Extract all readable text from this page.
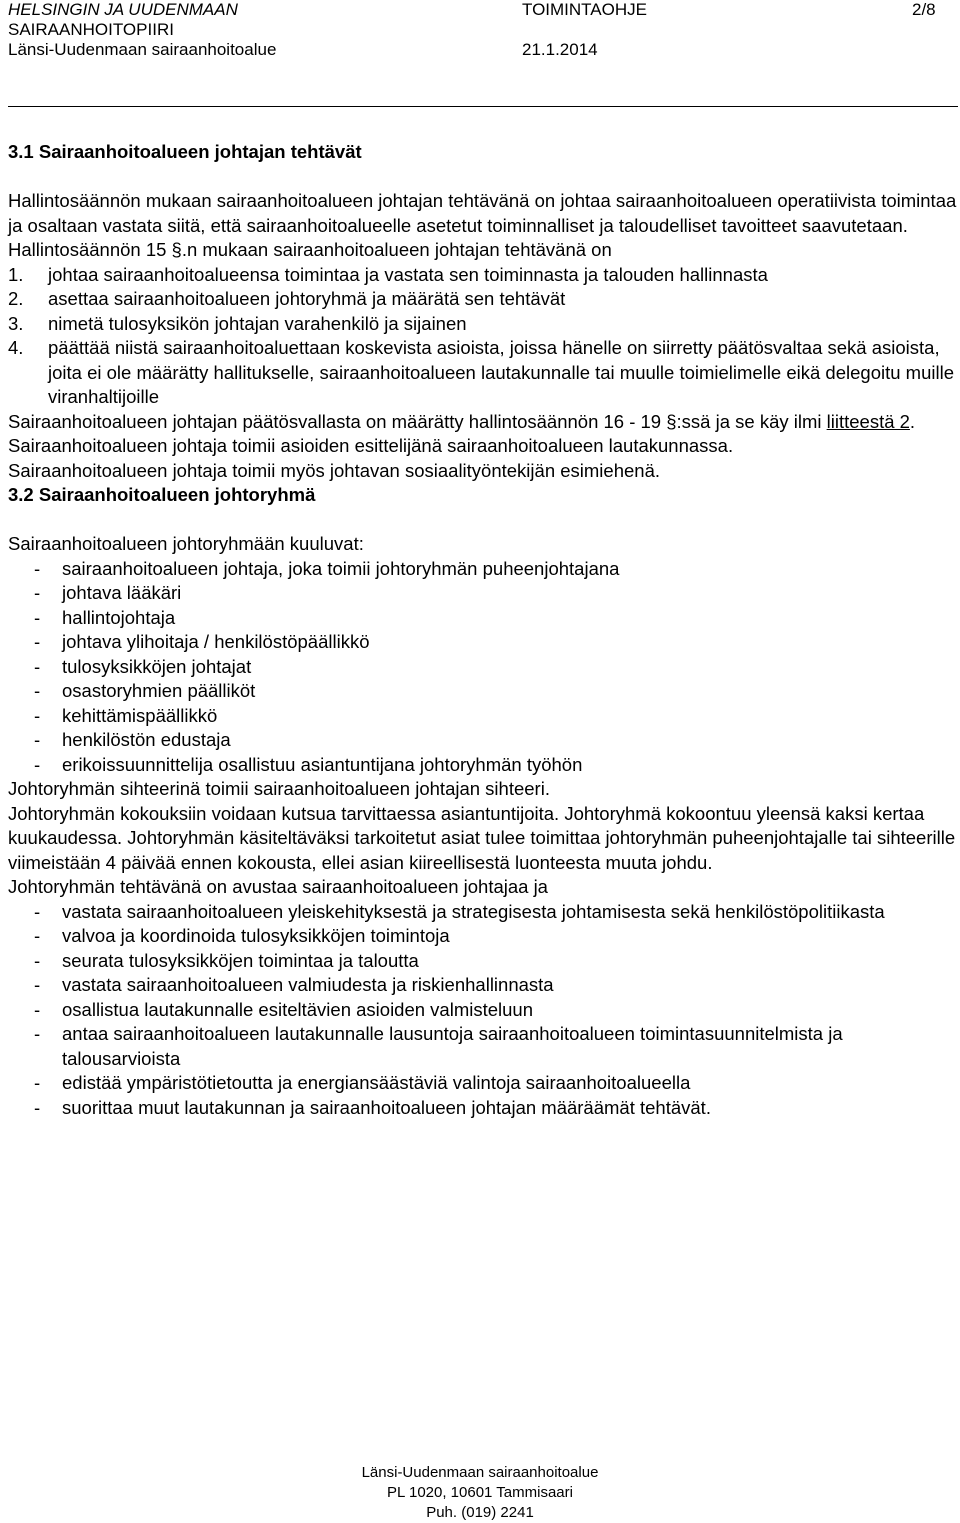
HELSINGIN JA UUDENMAAN	TOIMINTAOHJE	2/8
SAIRAANHOITOPIIRI
Länsi-Uudenmaan sairaanhoitoalue	21.1.2014
3.1 Sairaanhoitoalueen johtajan tehtävät

Hallintosäännön mukaan sairaanhoitoalueen johtajan tehtävänä on johtaa sairaanhoitoalueen operatiivista toimintaa ja osaltaan vastata siitä, että sairaanhoitoalueelle asetetut toiminnalliset ja taloudelliset tavoitteet saavutetaan.

Hallintosäännön 15 §.n mukaan sairaanhoitoalueen johtajan tehtävänä on

1. johtaa sairaanhoitoalueensa toimintaa ja vastata sen toiminnasta ja talouden hallinnasta
2. asettaa sairaanhoitoalueen johtoryhmä ja määrätä sen tehtävät
3. nimetä tulosyksikön johtajan varahenkilö ja sijainen
4. päättää niistä sairaanhoitoaluettaan koskevista asioista, joissa hänelle on siirretty päätösvaltaa sekä asioista, joita ei ole määrätty hallitukselle, sairaanhoitoalueen lautakunnalle tai muulle toimielimelle eikä delegoitu muille viranhaltijoille

Sairaanhoitoalueen johtajan päätösvallasta on määrätty hallintosäännön 16 - 19 §:ssä ja se käy ilmi liitteestä 2.

Sairaanhoitoalueen johtaja toimii asioiden esittelijänä sairaanhoitoalueen lautakunnassa.

Sairaanhoitoalueen johtaja toimii myös johtavan sosiaalityöntekijän esimiehenä.

3.2 Sairaanhoitoalueen johtoryhmä

Sairaanhoitoalueen johtoryhmään kuuluvat:

- sairaanhoitoalueen johtaja, joka toimii johtoryhmän puheenjohtajana
- johtava lääkäri
- hallintojohtaja
- johtava ylihoitaja / henkilöstöpäällikkö
- tulosyksikköjen johtajat
- osastoryhmien päälliköt
- kehittämispäällikkö
- henkilöstön edustaja
- erikoissuunnittelija osallistuu asiantuntijana johtoryhmän työhön

Johtoryhmän sihteerinä toimii sairaanhoitoalueen johtajan sihteeri.

Johtoryhmän kokouksiin voidaan kutsua tarvittaessa asiantuntijoita. Johtoryhmä kokoontuu yleensä kaksi kertaa kuukaudessa. Johtoryhmän käsiteltäväksi tarkoitetut asiat tulee toimittaa johtoryhmän puheenjohtajalle tai sihteerille viimeistään 4 päivää ennen kokousta, ellei asian kiireellisestä luonteesta muuta johdu.

Johtoryhmän tehtävänä on avustaa sairaanhoitoalueen johtajaa ja

- vastata sairaanhoitoalueen yleiskehityksestä ja strategisesta johtamisesta sekä henkilöstöpolitiikasta
- valvoa ja koordinoida tulosyksikköjen toimintoja
- seurata tulosyksikköjen toimintaa ja taloutta
- vastata sairaanhoitoalueen valmiudesta ja riskienhallinnasta
- osallistua lautakunnalle esiteltävien asioiden valmisteluun
- antaa sairaanhoitoalueen lautakunnalle lausuntoja sairaanhoitoalueen toimintasuunnitelmista ja talousarvioista
- edistää ympäristötietoutta ja energiansäästäviä valintoja sairaanhoitoalueella
- suorittaa muut lautakunnan ja sairaanhoitoalueen johtajan määräämät tehtävät.
Länsi-Uudenmaan sairaanhoitoalue
PL 1020, 10601 Tammisaari
Puh. (019) 2241
